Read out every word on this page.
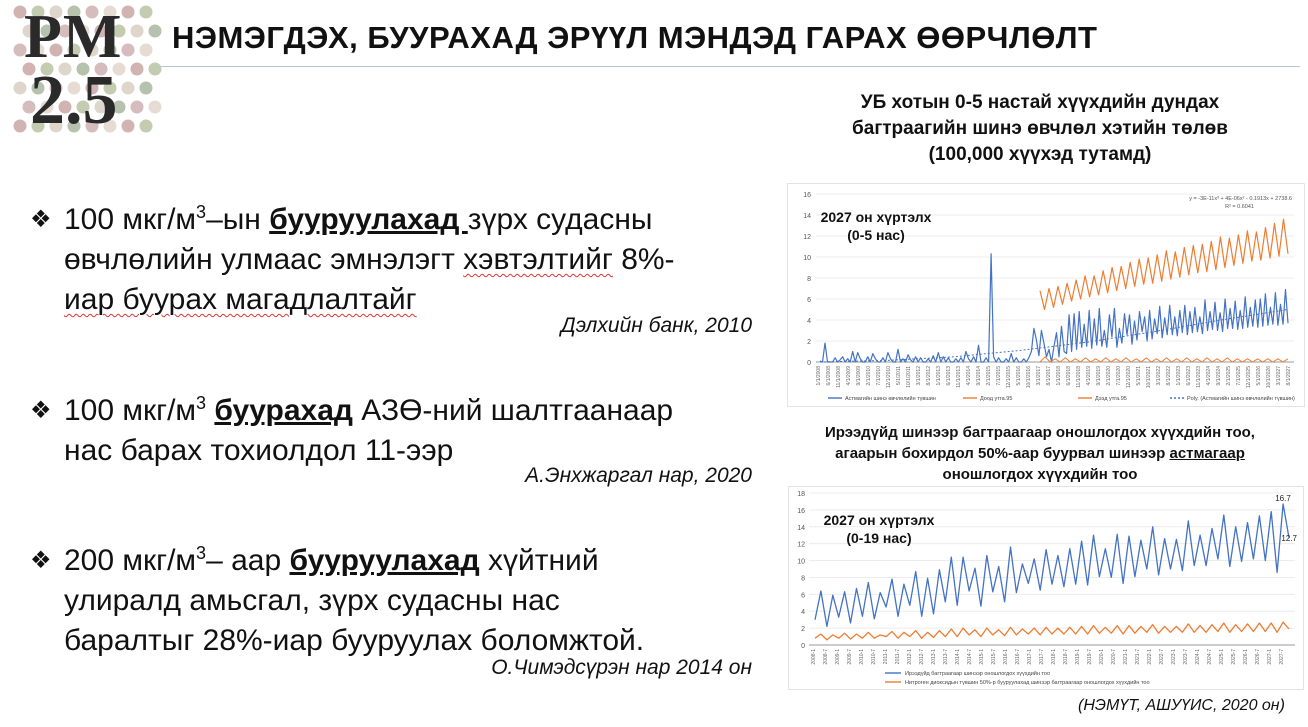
PM
2.5
НЭМЭГДЭХ, БУУРАХАД ЭРҮҮЛ МЭНДЭД ГАРАХ ӨӨРЧЛӨЛТ
❖ 100 мкг/$м^3-ын$ бууруулахад зүрх судасны
өвчлөлийн улмаас эмнэлэгт хэвтэлтийг 8%-
иар буурах магадлалтайг
Дэлхийн банк, 2010
❖ 100 мкг/$м^3$ буурахад АЗӨ-ний шалтгаанаар
нас барах тохиолдол 11-ээр
А.Энхжаргал нар, 2020
❖ 200 мкг/$м^3-$ аар бууруулахад хүйтний
улиралд амьсгал, зүрх судасны нас
баралтыг 28%-иар бууруулах боломжтой.
О.Чимэдсүрэн нар 2014 он
УБ хотын 0-5 настай хүүхдийн дундах
багтраагийн шинэ өвчлөл хэтийн төлөв
(100,000 хүүхэд тутамд)
0
2
4
6
8
10
12
14
16
1/1/2008 6/1/2008 11/1/2008 4/1/2009 9/1/2009 2/1/2010 7/1/2010 12/1/2010 5/1/2011 10/1/2011 3/1/2012 8/1/2012 1/1/2013 6/1/2013 11/1/2013 4/1/2014 9/1/2014 2/1/2015 7/1/2015 12/1/2015 5/1/2016 10/1/2016 3/1/2017 8/1/2017 1/1/2018 6/1/2018 11/1/2018 4/1/2019 9/1/2019 2/1/2020 7/1/2020 12/1/2020 5/1/2021 10/1/2021 3/1/2022 8/1/2022 1/1/2023 6/1/2023 11/1/2023 4/1/2024 9/1/2024 2/1/2025 7/1/2025 12/1/2025 5/1/2026 10/1/2026 3/1/2027 8/1/2027
y = -3E-11x³ + 4E-06x² - 0.1913x + 2738.6
R² = 0.6041
Астмагийн шинэ өвчлөлийн түвшин	Доод утга.95	Дээд утга.95	Poly. (Астмагийн шинэ өвчлөлийн түвшин)
2027 он хүртэлх
(0-5 нас)
Ирээдүйд шинээр багтраагаар оношлогдох хүүхдийн тоо,
агаарын бохирдол 50%-аар буурвал шинээр астмагаар
оношлогдох хүүхдийн тоо
0
2
4
6
8
10
12
14
16
18
2008-1 2008-7 2009-1 2009-7 2010-1 2010-7 2011-1 2011-7 2012-1 2012-7 2013-1 2013-7 2014-1 2014-7 2015-1 2015-7 2016-1 2016-7 2017-1 2017-7 2018-1 2018-7 2019-1 2019-7 2020-1 2020-7 2021-1 2021-7 2022-1 2022-7 2023-1 2023-7 2024-1 2024-7 2025-1 2025-7 2026-1 2026-7 2027-1 2027-7
16.7
12.7
Ирээдүйд багтраагаар шинээр оношлогдох хүүхдийн тоо
Нитроген диоксидын түвшин 50%-р бууруулахад шинээр багтраагаар оношлогдох хүүхдийн тоо
2027 он хүртэлх
(0-19 нас)
(НЭМҮТ, АШУҮИС, 2020 он)
